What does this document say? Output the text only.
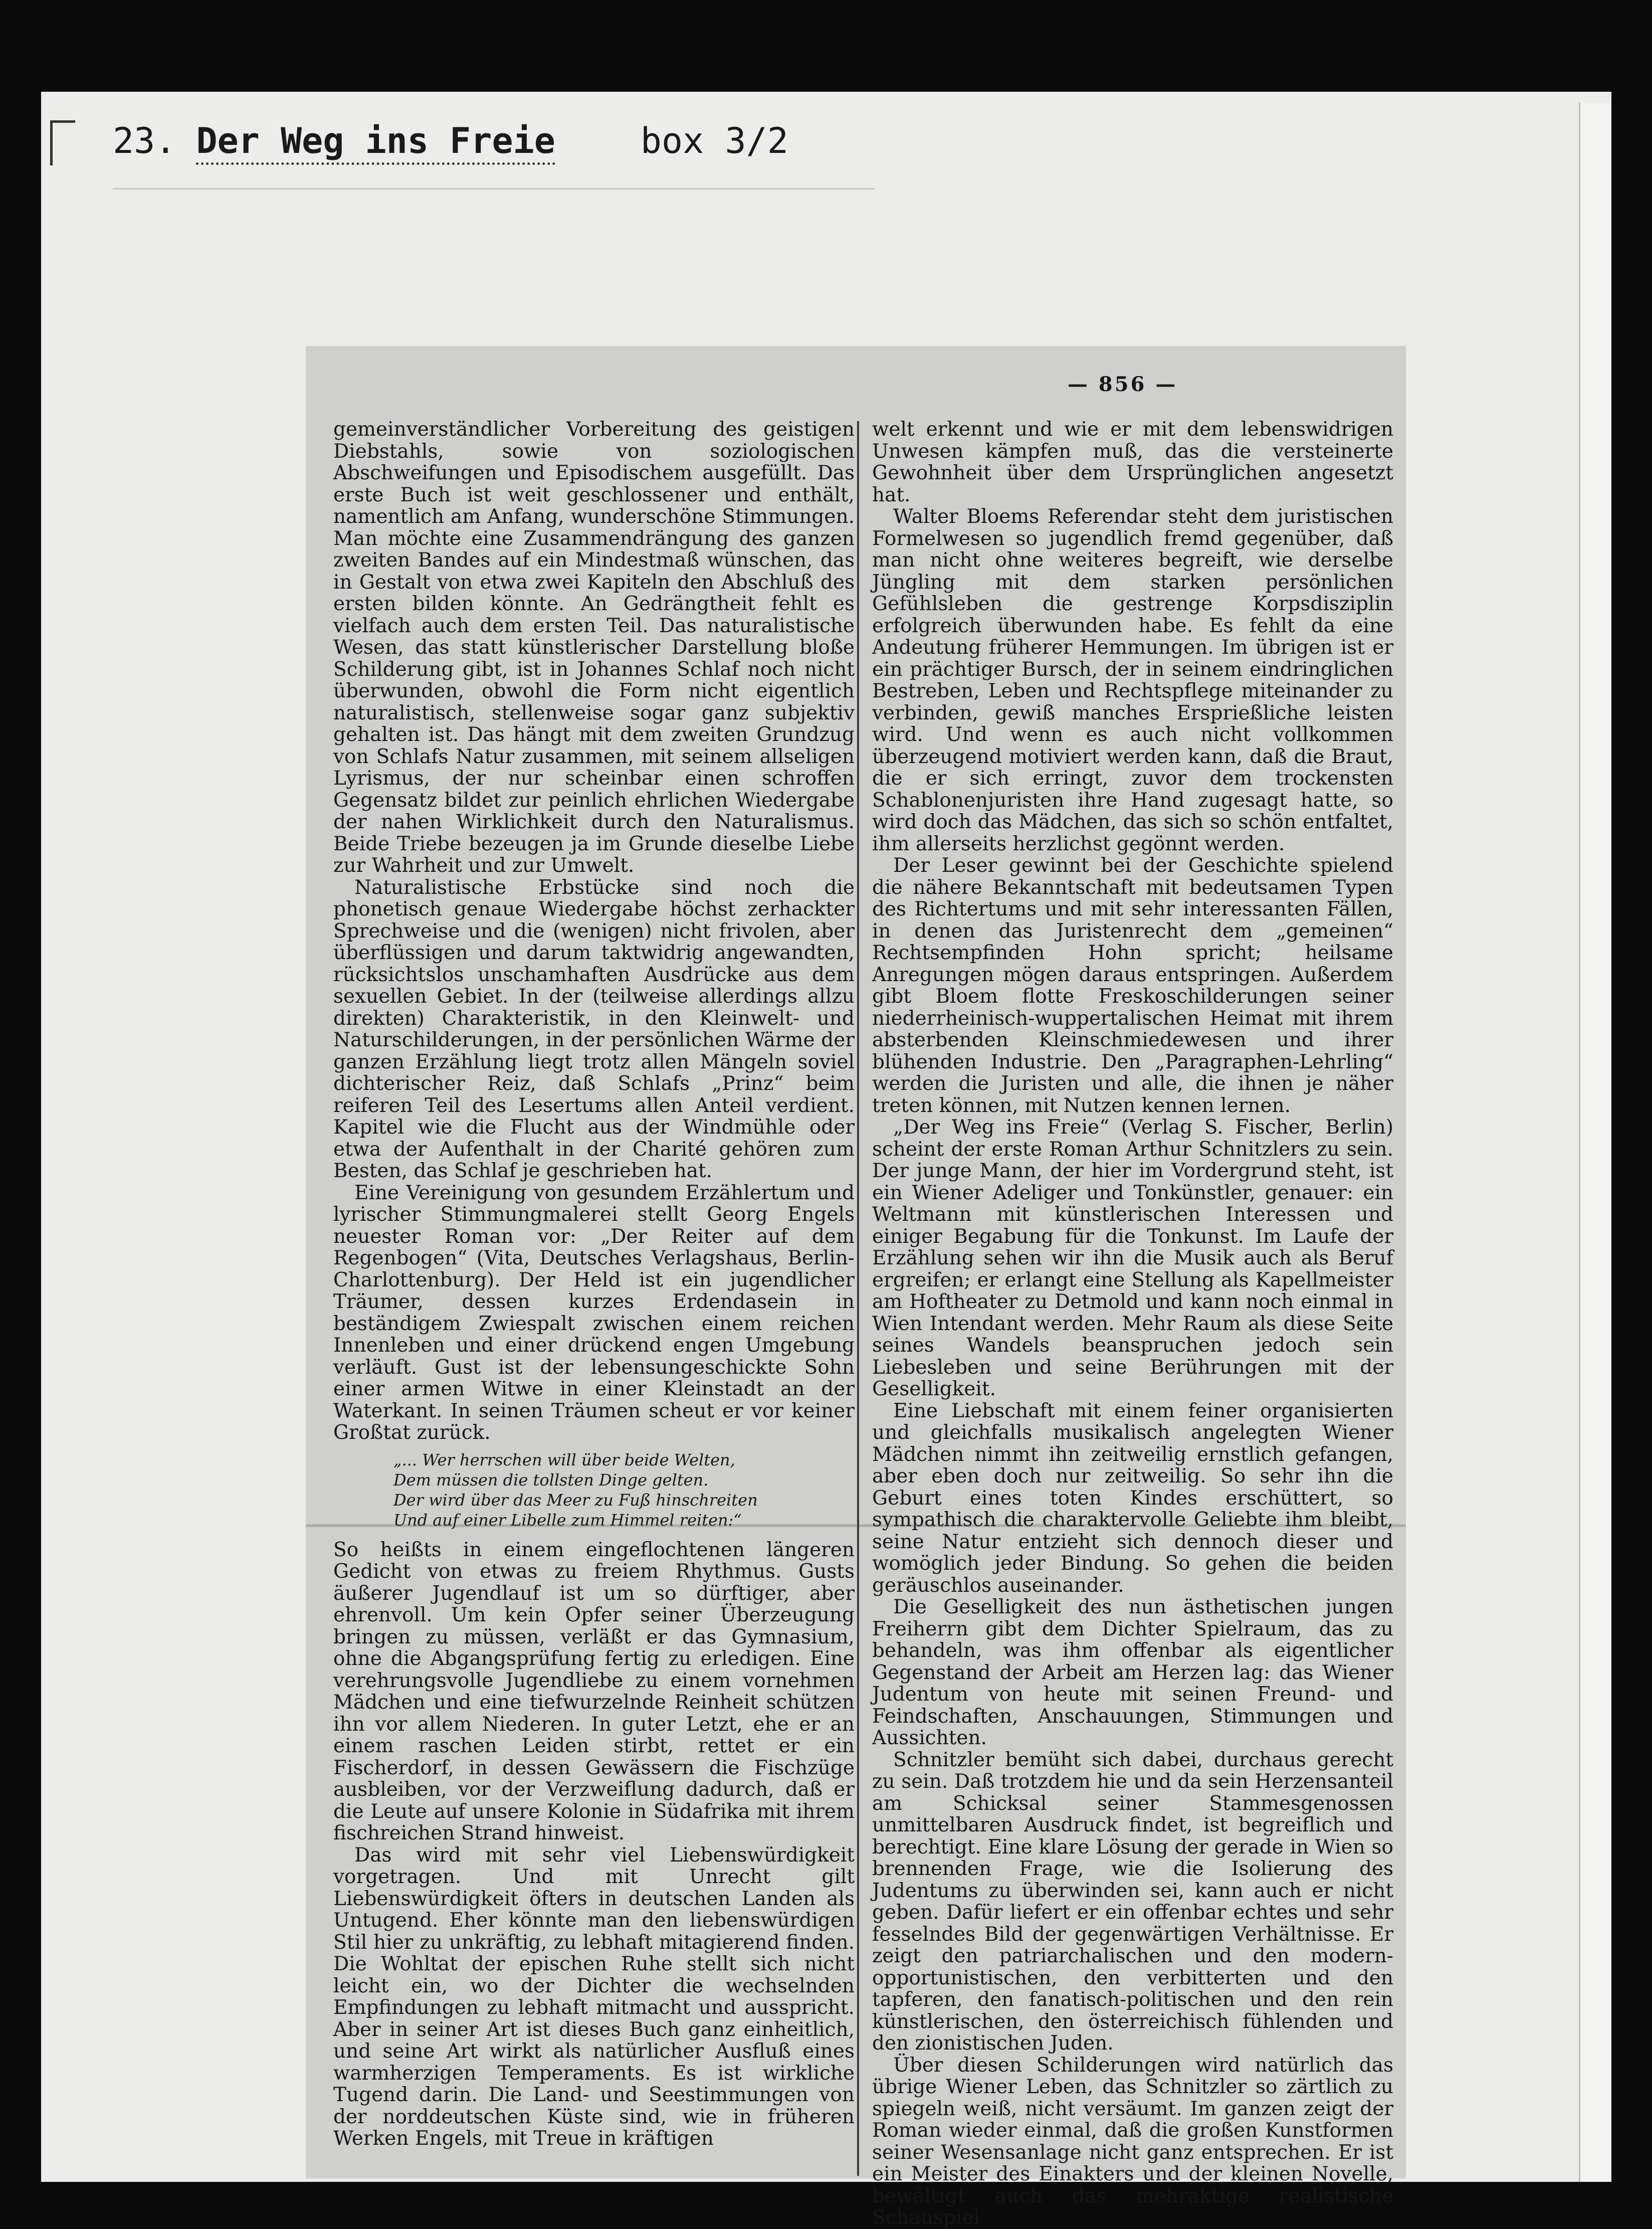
23. Der Weg ins Freie box 3/2
— 856 —

gemeinverständlicher Vorbereitung des geistigen Diebstahls, sowie von soziologischen Abschweifungen und Episodischem ausgefüllt. Das erste Buch ist weit geschlossener und enthält, namentlich am Anfang, wunderschöne Stimmungen. Man möchte eine Zusammendrängung des ganzen zweiten Bandes auf ein Mindestmaß wünschen, das in Gestalt von etwa zwei Kapiteln den Abschluß des ersten bilden könnte. An Gedrängtheit fehlt es vielfach auch dem ersten Teil. Das naturalistische Wesen, das statt künstlerischer Darstellung bloße Schilderung gibt, ist in Johannes Schlaf noch nicht überwunden, obwohl die Form nicht eigentlich naturalistisch, stellenweise sogar ganz subjektiv gehalten ist. Das hängt mit dem zweiten Grundzug von Schlafs Natur zusammen, mit seinem allseligen Lyrismus, der nur scheinbar einen schroffen Gegensatz bildet zur peinlich ehrlichen Wiedergabe der nahen Wirklichkeit durch den Naturalismus. Beide Triebe bezeugen ja im Grunde dieselbe Liebe zur Wahrheit und zur Umwelt.

Naturalistische Erbstücke sind noch die phonetisch genaue Wiedergabe höchst zerhackter Sprechweise und die (wenigen) nicht frivolen, aber überflüssigen und darum taktwidrig angewandten, rücksichtslos unschamhaften Ausdrücke aus dem sexuellen Gebiet. In der (teilweise allerdings allzu direkten) Charakteristik, in den Kleinwelt- und Naturschilderungen, in der persönlichen Wärme der ganzen Erzählung liegt trotz allen Mängeln soviel dichterischer Reiz, daß Schlafs „Prinz“ beim reiferen Teil des Lesertums allen Anteil verdient. Kapitel wie die Flucht aus der Windmühle oder etwa der Aufenthalt in der Charité gehören zum Besten, das Schlaf je geschrieben hat.

Eine Vereinigung von gesundem Erzählertum und lyrischer Stimmungmalerei stellt Georg Engels neuester Roman vor: „Der Reiter auf dem Regenbogen“ (Vita, Deutsches Verlagshaus, Berlin-Charlottenburg). Der Held ist ein jugendlicher Träumer, dessen kurzes Erdendasein in beständigem Zwiespalt zwischen einem reichen Innenleben und einer drückend engen Umgebung verläuft. Gust ist der lebensungeschickte Sohn einer armen Witwe in einer Kleinstadt an der Waterkant. In seinen Träumen scheut er vor keiner Großtat zurück.

„... Wer herrschen will über beide Welten,
Dem müssen die tollsten Dinge gelten.
Der wird über das Meer zu Fuß hinschreiten
Und auf einer Libelle zum Himmel reiten:“

So heißts in einem eingeflochtenen längeren Gedicht von etwas zu freiem Rhythmus. Gusts äußerer Jugendlauf ist um so dürftiger, aber ehrenvoll. Um kein Opfer seiner Überzeugung bringen zu müssen, verläßt er das Gymnasium, ohne die Abgangsprüfung fertig zu erledigen. Eine verehrungsvolle Jugendliebe zu einem vornehmen Mädchen und eine tiefwurzelnde Reinheit schützen ihn vor allem Niederen. In guter Letzt, ehe er an einem raschen Leiden stirbt, rettet er ein Fischerdorf, in dessen Gewässern die Fischzüge ausbleiben, vor der Verzweiflung dadurch, daß er die Leute auf unsere Kolonie in Südafrika mit ihrem fischreichen Strand hinweist.

Das wird mit sehr viel Liebenswürdigkeit vorgetragen. Und mit Unrecht gilt Liebenswürdigkeit öfters in deutschen Landen als Untugend. Eher könnte man den liebenswürdigen Stil hier zu unkräftig, zu lebhaft mitagierend finden. Die Wohltat der epischen Ruhe stellt sich nicht leicht ein, wo der Dichter die wechselnden Empfindungen zu lebhaft mitmacht und ausspricht. Aber in seiner Art ist dieses Buch ganz einheitlich, und seine Art wirkt als natürlicher Ausfluß eines warmherzigen Temperaments. Es ist wirkliche Tugend darin. Die Land- und Seestimmungen von der norddeutschen Küste sind, wie in früheren Werken Engels, mit Treue in kräftigen

welt erkennt und wie er mit dem lebenswidrigen Unwesen kämpfen muß, das die versteinerte Gewohnheit über dem Ursprünglichen angesetzt hat.

Walter Bloems Referendar steht dem juristischen Formelwesen so jugendlich fremd gegenüber, daß man nicht ohne weiteres begreift, wie derselbe Jüngling mit dem starken persönlichen Gefühlsleben die gestrenge Korpsdisziplin erfolgreich überwunden habe. Es fehlt da eine Andeutung früherer Hemmungen. Im übrigen ist er ein prächtiger Bursch, der in seinem eindringlichen Bestreben, Leben und Rechtspflege miteinander zu verbinden, gewiß manches Ersprießliche leisten wird. Und wenn es auch nicht vollkommen überzeugend motiviert werden kann, daß die Braut, die er sich erringt, zuvor dem trockensten Schablonenjuristen ihre Hand zugesagt hatte, so wird doch das Mädchen, das sich so schön entfaltet, ihm allerseits herzlichst gegönnt werden.

Der Leser gewinnt bei der Geschichte spielend die nähere Bekanntschaft mit bedeutsamen Typen des Richtertums und mit sehr interessanten Fällen, in denen das Juristenrecht dem „gemeinen“ Rechtsempfinden Hohn spricht; heilsame Anregungen mögen daraus entspringen. Außerdem gibt Bloem flotte Freskoschilderungen seiner niederrheinisch-wuppertalischen Heimat mit ihrem absterbenden Kleinschmiedewesen und ihrer blühenden Industrie. Den „Paragraphen-Lehrling“ werden die Juristen und alle, die ihnen je näher treten können, mit Nutzen kennen lernen.

„Der Weg ins Freie“ (Verlag S. Fischer, Berlin) scheint der erste Roman Arthur Schnitzlers zu sein. Der junge Mann, der hier im Vordergrund steht, ist ein Wiener Adeliger und Tonkünstler, genauer: ein Weltmann mit künstlerischen Interessen und einiger Begabung für die Tonkunst. Im Laufe der Erzählung sehen wir ihn die Musik auch als Beruf ergreifen; er erlangt eine Stellung als Kapellmeister am Hoftheater zu Detmold und kann noch einmal in Wien Intendant werden. Mehr Raum als diese Seite seines Wandels beanspruchen jedoch sein Liebesleben und seine Berührungen mit der Geselligkeit.

Eine Liebschaft mit einem feiner organisierten und gleichfalls musikalisch angelegten Wiener Mädchen nimmt ihn zeitweilig ernstlich gefangen, aber eben doch nur zeitweilig. So sehr ihn die Geburt eines toten Kindes erschüttert, so sympathisch die charaktervolle Geliebte ihm bleibt, seine Natur entzieht sich dennoch dieser und womöglich jeder Bindung. So gehen die beiden geräuschlos auseinander.

Die Geselligkeit des nun ästhetischen jungen Freiherrn gibt dem Dichter Spielraum, das zu behandeln, was ihm offenbar als eigentlicher Gegenstand der Arbeit am Herzen lag: das Wiener Judentum von heute mit seinen Freund- und Feindschaften, Anschauungen, Stimmungen und Aussichten.

Schnitzler bemüht sich dabei, durchaus gerecht zu sein. Daß trotzdem hie und da sein Herzensanteil am Schicksal seiner Stammesgenossen unmittelbaren Ausdruck findet, ist begreiflich und berechtigt. Eine klare Lösung der gerade in Wien so brennenden Frage, wie die Isolierung des Judentums zu überwinden sei, kann auch er nicht geben. Dafür liefert er ein offenbar echtes und sehr fesselndes Bild der gegenwärtigen Verhältnisse. Er zeigt den patriarchalischen und den modern-opportunistischen, den verbitterten und den tapferen, den fanatisch-politischen und den rein künstlerischen, den österreichisch fühlenden und den zionistischen Juden.

Über diesen Schilderungen wird natürlich das übrige Wiener Leben, das Schnitzler so zärtlich zu spiegeln weiß, nicht versäumt. Im ganzen zeigt der Roman wieder einmal, daß die großen Kunstformen seiner Wesensanlage nicht ganz entsprechen. Er ist ein Meister des Einakters und der kleinen Novelle, bewältigt auch das mehraktige realistische Schauspiel
